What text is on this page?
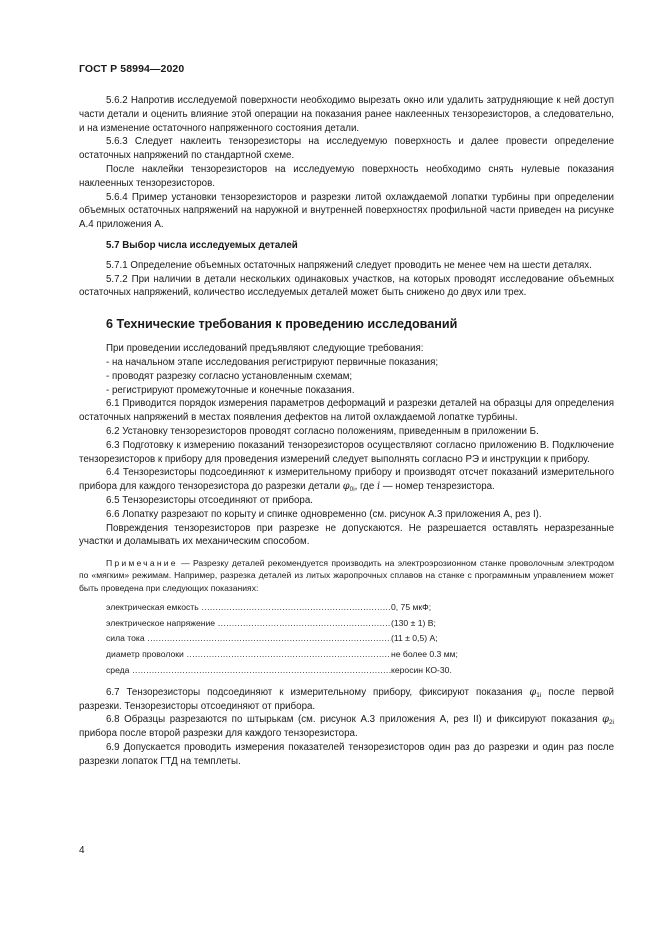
ГОСТ Р 58994—2020

5.6.2 Напротив исследуемой поверхности необходимо вырезать окно или удалить затрудняющие к ней доступ части детали и оценить влияние этой операции на показания ранее наклеенных тензорезисторов, а следовательно, и на изменение остаточного напряженного состояния детали.

5.6.3 Следует наклеить тензорезисторы на исследуемую поверхность и далее провести определение остаточных напряжений по стандартной схеме.

После наклейки тензорезисторов на исследуемую поверхность необходимо снять нулевые показания наклеенных тензорезисторов.

5.6.4 Пример установки тензорезисторов и разрезки литой охлаждаемой лопатки турбины при определении объемных остаточных напряжений на наружной и внутренней поверхностях профильной части приведен на рисунке А.4 приложения А.

5.7 Выбор числа исследуемых деталей

5.7.1 Определение объемных остаточных напряжений следует проводить не менее чем на шести деталях.

5.7.2 При наличии в детали нескольких одинаковых участков, на которых проводят исследование объемных остаточных напряжений, количество исследуемых деталей может быть снижено до двух или трех.

6 Технические требования к проведению исследований

При проведении исследований предъявляют следующие требования:

- на начальном этапе исследования регистрируют первичные показания;
- проводят разрезку согласно установленным схемам;
- регистрируют промежуточные и конечные показания.

6.1 Приводится порядок измерения параметров деформаций и разрезки деталей на образцы для определения остаточных напряжений в местах появления дефектов на литой охлаждаемой лопатке турбины.

6.2 Установку тензорезисторов проводят согласно положениям, приведенным в приложении Б.

6.3 Подготовку к измерению показаний тензорезисторов осуществляют согласно приложению В. Подключение тензорезисторов к прибору для проведения измерений следует выполнять согласно РЭ и инструкции к прибору.

6.4 Тензорезисторы подсоединяют к измерительному прибору и производят отсчет показаний измерительного прибора для каждого тензорезистора до разрезки детали $\varphi_{0i}$, где i — номер тензрезистора.

6.5 Тензорезисторы отсоединяют от прибора.

6.6 Лопатку разрезают по корыту и спинке одновременно (см. рисунок А.3 приложения А, рез I).

Повреждения тензорезисторов при разрезке не допускаются. Не разрешается оставлять неразрезанные участки и доламывать их механическим способом.

Примечание — Разрезку деталей рекомендуется производить на электроэрозионном станке проволочным электродом по «мягким» режимам. Например, разрезка деталей из литых жаропрочных сплавов на станке с программным управлением может быть проведена при следующих показаниях:

электрическая емкость .....	0, 75 мкФ;
электрическое напряжение .....	(130 ± 1) В;
сила тока .....	(11 ± 0,5) А;
диаметр проволоки .....	не более 0.3 мм;
среда .....	керосин КО-30.

6.7 Тензорезисторы подсоединяют к измерительному прибору, фиксируют показания $\varphi_{1i}$ после первой разрезки. Тензорезисторы отсоединяют от прибора.

6.8 Образцы разрезаются по штырькам (см. рисунок А.3 приложения А, рез II) и фиксируют показания $\varphi_{2i}$ прибора после второй разрезки для каждого тензорезистора.

6.9 Допускается проводить измерения показателей тензорезисторов один раз до разрезки и один раз после разрезки лопаток ГТД на темплеты.

4
